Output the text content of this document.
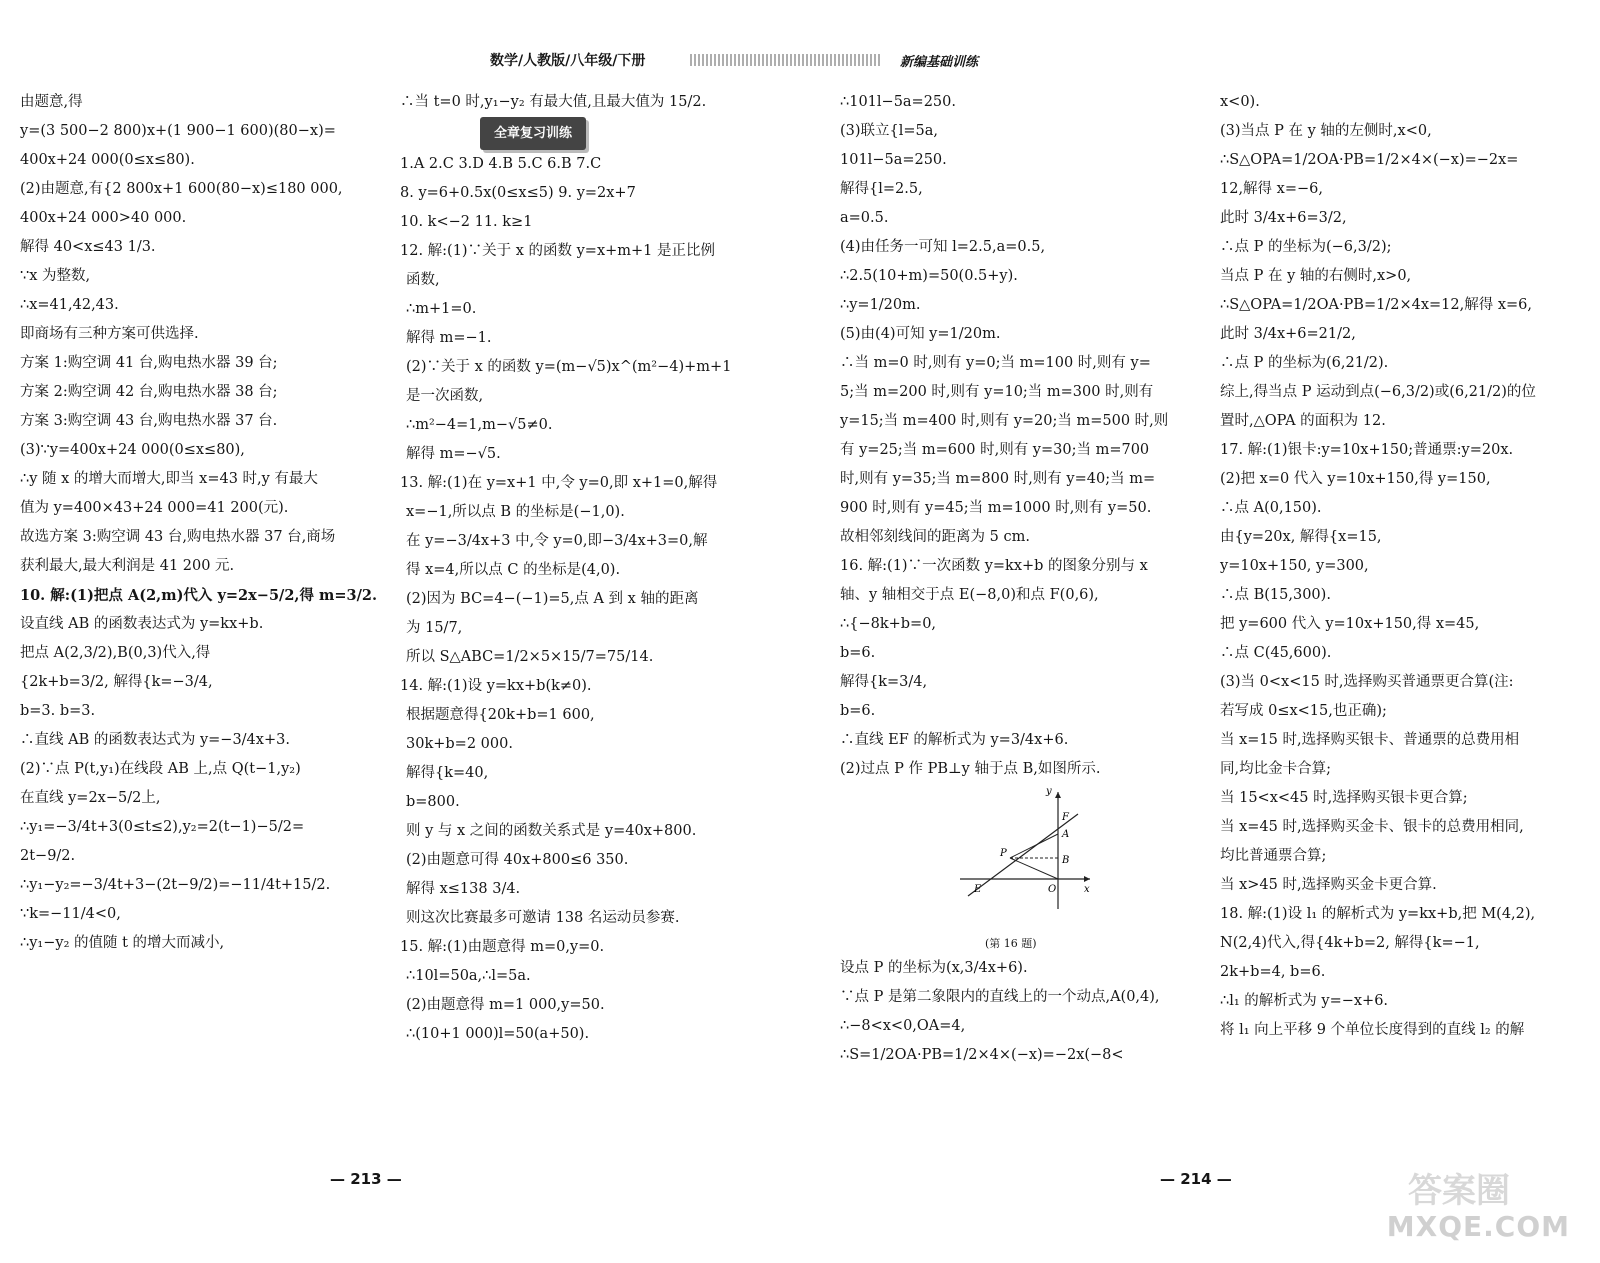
数学/人教版/八年级/下册	新编基础训练
由题意,得
y=(3 500−2 800)x+(1 900−1 600)(80−x)=
400x+24 000(0≤x≤80).
(2)由题意,有{2 800x+1 600(80−x)≤180 000,
400x+24 000>40 000.
解得 40<x≤43 1/3.
∵x 为整数,
∴x=41,42,43.
即商场有三种方案可供选择.
方案 1:购空调 41 台,购电热水器 39 台;
方案 2:购空调 42 台,购电热水器 38 台;
方案 3:购空调 43 台,购电热水器 37 台.
(3)∵y=400x+24 000(0≤x≤80),
∴y 随 x 的增大而增大,即当 x=43 时,y 有最大
值为 y=400×43+24 000=41 200(元).
故选方案 3:购空调 43 台,购电热水器 37 台,商场
获利最大,最大利润是 41 200 元.
10. 解:(1)把点 A(2,m)代入 y=2x−5/2,得 m=3/2.
设直线 AB 的函数表达式为 y=kx+b.
把点 A(2,3/2),B(0,3)代入,得
{2k+b=3/2, 解得{k=−3/4,
b=3. b=3.
∴直线 AB 的函数表达式为 y=−3/4x+3.
(2)∵点 P(t,y₁)在线段 AB 上,点 Q(t−1,y₂)
在直线 y=2x−5/2上,
∴y₁=−3/4t+3(0≤t≤2),y₂=2(t−1)−5/2=
2t−9/2.
∴y₁−y₂=−3/4t+3−(2t−9/2)=−11/4t+15/2.
∵k=−11/4<0,
∴y₁−y₂ 的值随 t 的增大而减小,
∴当 t=0 时,y₁−y₂ 有最大值,且最大值为 15/2.
全章复习训练
1.A 2.C 3.D 4.B 5.C 6.B 7.C
8. y=6+0.5x(0≤x≤5) 9. y=2x+7
10. k<−2 11. k≥1
12. 解:(1)∵关于 x 的函数 y=x+m+1 是正比例
函数,
∴m+1=0.
解得 m=−1.
(2)∵关于 x 的函数 y=(m−√5)x^(m²−4)+m+1
是一次函数,
∴m²−4=1,m−√5≠0.
解得 m=−√5.
13. 解:(1)在 y=x+1 中,令 y=0,即 x+1=0,解得
x=−1,所以点 B 的坐标是(−1,0).
在 y=−3/4x+3 中,令 y=0,即−3/4x+3=0,解
得 x=4,所以点 C 的坐标是(4,0).
(2)因为 BC=4−(−1)=5,点 A 到 x 轴的距离
为 15/7,
所以 S△ABC=1/2×5×15/7=75/14.
14. 解:(1)设 y=kx+b(k≠0).
根据题意得{20k+b=1 600,
30k+b=2 000.
解得{k=40,
b=800.
则 y 与 x 之间的函数关系式是 y=40x+800.
(2)由题意可得 40x+800≤6 350.
解得 x≤138 3/4.
则这次比赛最多可邀请 138 名运动员参赛.
15. 解:(1)由题意得 m=0,y=0.
∴10l=50a,∴l=5a.
(2)由题意得 m=1 000,y=50.
∴(10+1 000)l=50(a+50).
∴101l−5a=250.
(3)联立{l=5a,
101l−5a=250.
解得{l=2.5,
a=0.5.
(4)由任务一可知 l=2.5,a=0.5,
∴2.5(10+m)=50(0.5+y).
∴y=1/20m.
(5)由(4)可知 y=1/20m.
∴当 m=0 时,则有 y=0;当 m=100 时,则有 y=
5;当 m=200 时,则有 y=10;当 m=300 时,则有
y=15;当 m=400 时,则有 y=20;当 m=500 时,则
有 y=25;当 m=600 时,则有 y=30;当 m=700
时,则有 y=35;当 m=800 时,则有 y=40;当 m=
900 时,则有 y=45;当 m=1000 时,则有 y=50.
故相邻刻线间的距离为 5 cm.
16. 解:(1)∵一次函数 y=kx+b 的图象分别与 x
轴、y 轴相交于点 E(−8,0)和点 F(0,6),
∴{−8k+b=0,
b=6.
解得{k=3/4,
b=6.
∴直线 EF 的解析式为 y=3/4x+6.
(2)过点 P 作 PB⊥y 轴于点 B,如图所示.
y
x
F
A
B
P
E	O
(第 16 题)
设点 P 的坐标为(x,3/4x+6).
∵点 P 是第二象限内的直线上的一个动点,A(0,4),
∴−8<x<0,OA=4,
∴S=1/2OA·PB=1/2×4×(−x)=−2x(−8<
x<0).
(3)当点 P 在 y 轴的左侧时,x<0,
∴S△OPA=1/2OA·PB=1/2×4×(−x)=−2x=
12,解得 x=−6,
此时 3/4x+6=3/2,
∴点 P 的坐标为(−6,3/2);
当点 P 在 y 轴的右侧时,x>0,
∴S△OPA=1/2OA·PB=1/2×4x=12,解得 x=6,
此时 3/4x+6=21/2,
∴点 P 的坐标为(6,21/2).
综上,得当点 P 运动到点(−6,3/2)或(6,21/2)的位
置时,△OPA 的面积为 12.
17. 解:(1)银卡:y=10x+150;普通票:y=20x.
(2)把 x=0 代入 y=10x+150,得 y=150,
∴点 A(0,150).
由{y=20x, 解得{x=15,
y=10x+150, y=300,
∴点 B(15,300).
把 y=600 代入 y=10x+150,得 x=45,
∴点 C(45,600).
(3)当 0<x<15 时,选择购买普通票更合算(注:
若写成 0≤x<15,也正确);
当 x=15 时,选择购买银卡、普通票的总费用相
同,均比金卡合算;
当 15<x<45 时,选择购买银卡更合算;
当 x=45 时,选择购买金卡、银卡的总费用相同,
均比普通票合算;
当 x>45 时,选择购买金卡更合算.
18. 解:(1)设 l₁ 的解析式为 y=kx+b,把 M(4,2),
N(2,4)代入,得{4k+b=2, 解得{k=−1,
2k+b=4, b=6.
∴l₁ 的解析式为 y=−x+6.
将 l₁ 向上平移 9 个单位长度得到的直线 l₂ 的解
— 213 —	— 214 —	答案圈
MXQE.COM
